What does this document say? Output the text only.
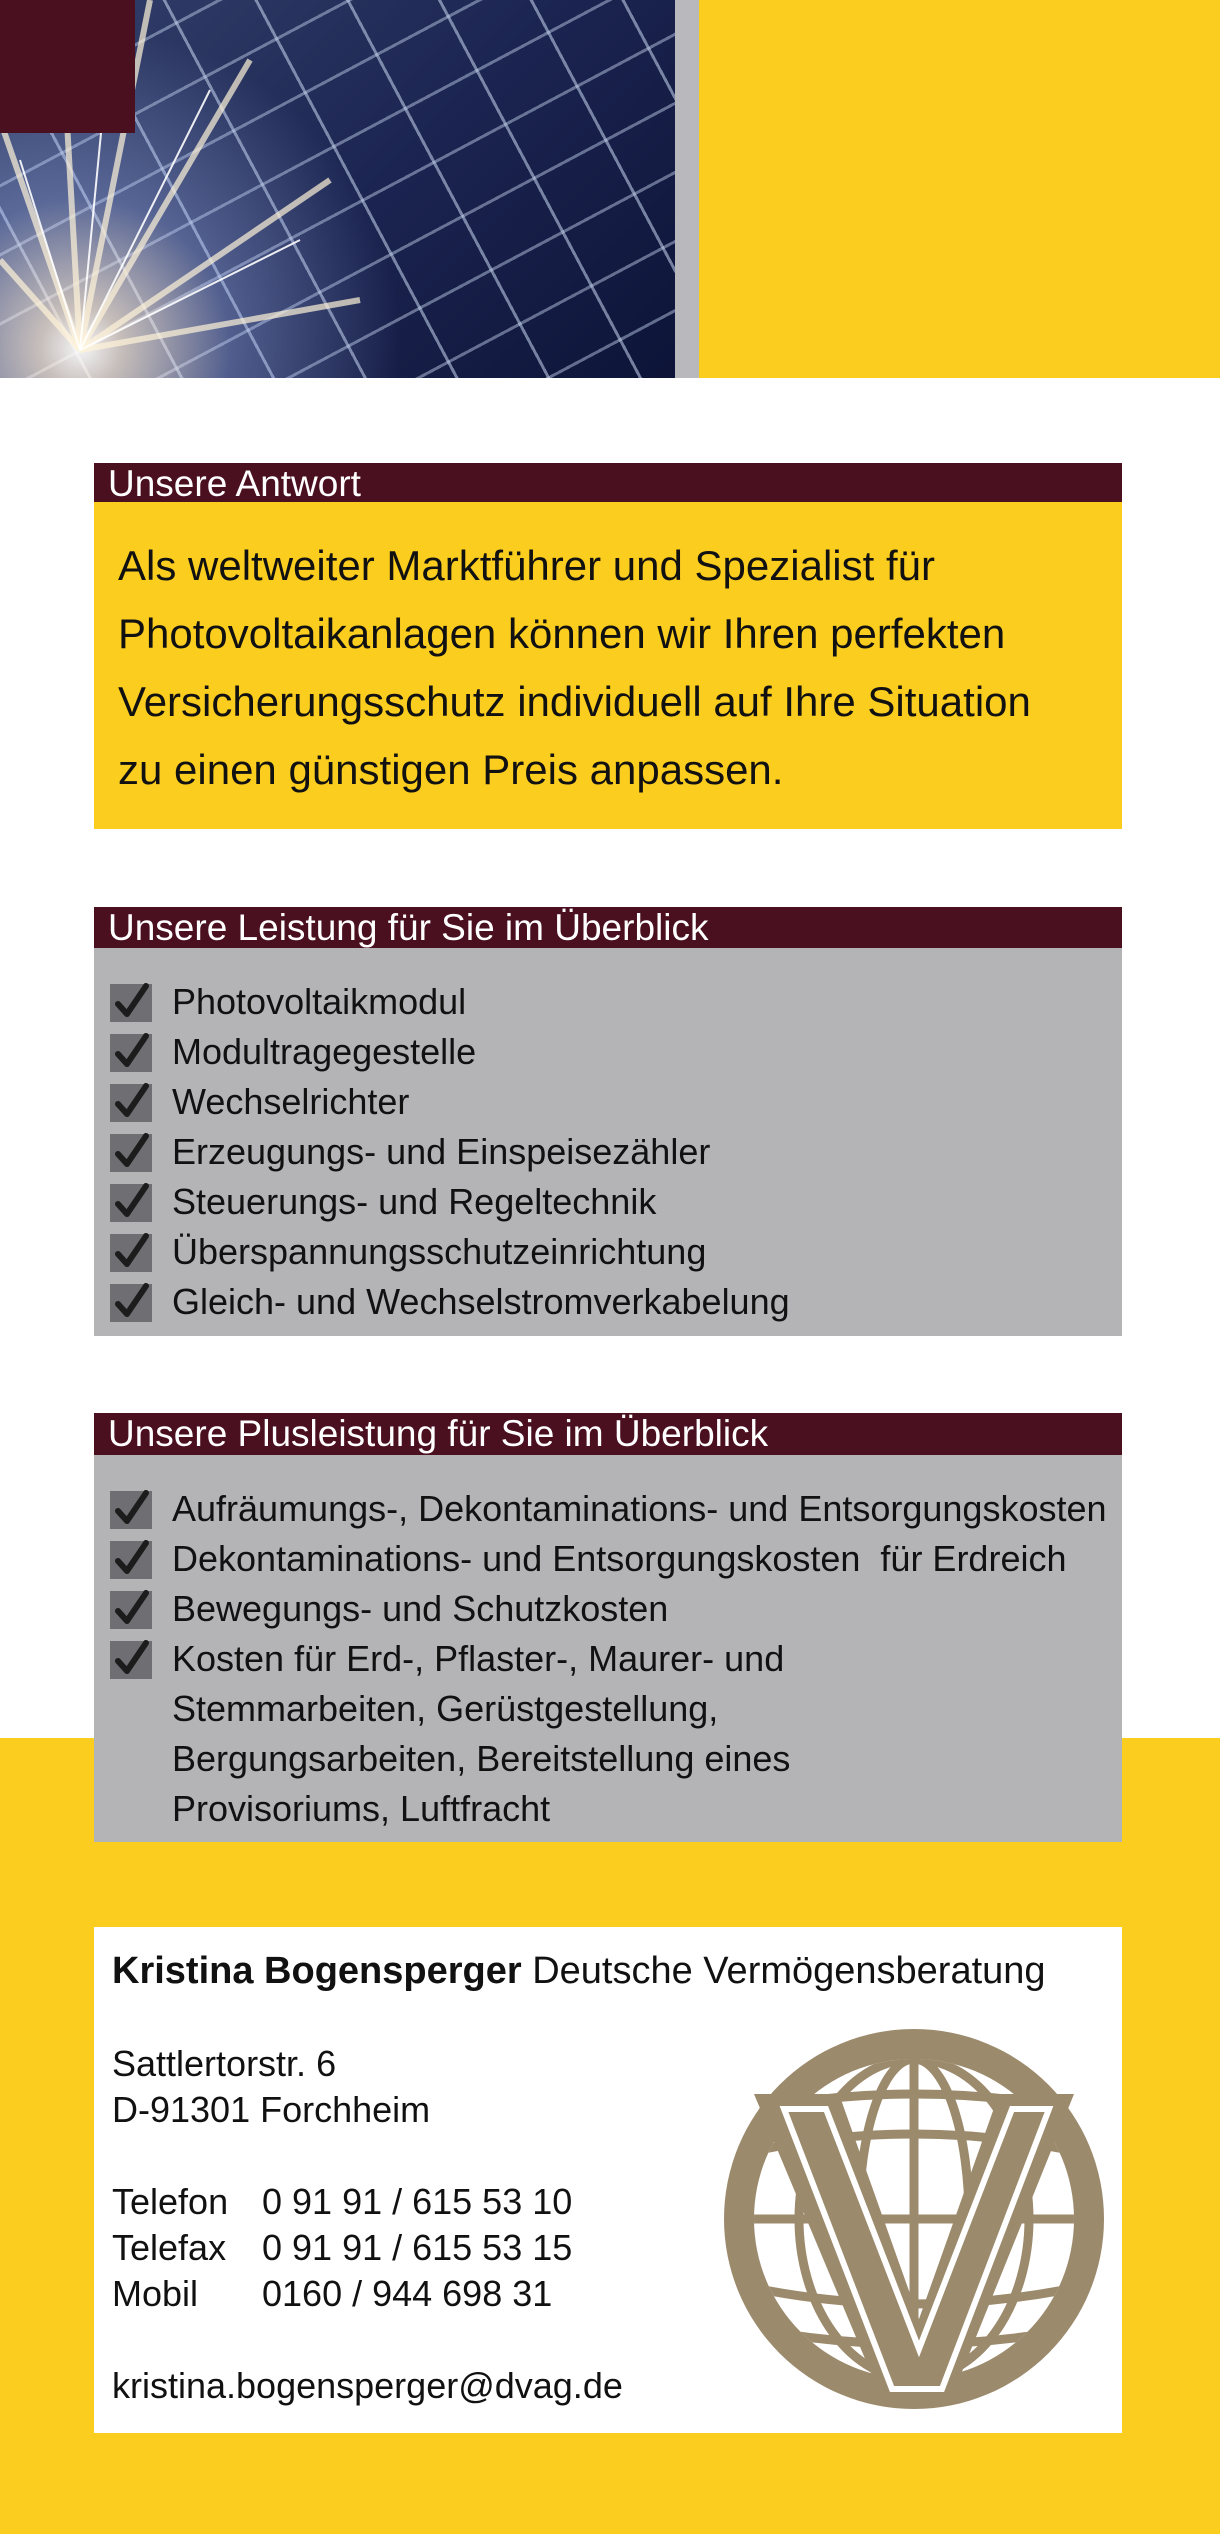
Unsere Antwort
Als weltweiter Marktführer und Spezialist für
Photovoltaikanlagen können wir Ihren perfekten
Versicherungsschutz individuell auf Ihre Situation
zu einen günstigen Preis anpassen.
Unsere Leistung für Sie im Überblick
Photovoltaikmodul
Modultragegestelle
Wechselrichter
Erzeugungs- und Einspeisezähler
Steuerungs- und Regeltechnik
Überspannungsschutzeinrichtung
Gleich- und Wechselstromverkabelung
Unsere Plusleistung für Sie im Überblick
Aufräumungs-, Dekontaminations- und Entsorgungskosten
Dekontaminations- und Entsorgungskosten  für Erdreich
Bewegungs- und Schutzkosten
Kosten für Erd-, Pflaster-, Maurer- und
Stemmarbeiten, Gerüstgestellung,
Bergungsarbeiten, Bereitstellung eines
Provisoriums, Luftfracht
Kristina Bogensperger Deutsche Vermögensberatung
Sattlertorstr. 6
D-91301 Forchheim
Telefon 0 91 91 / 615 53 10
Telefax 0 91 91 / 615 53 15
Mobil 0160 / 944 698 31
kristina.bogensperger@dvag.de
